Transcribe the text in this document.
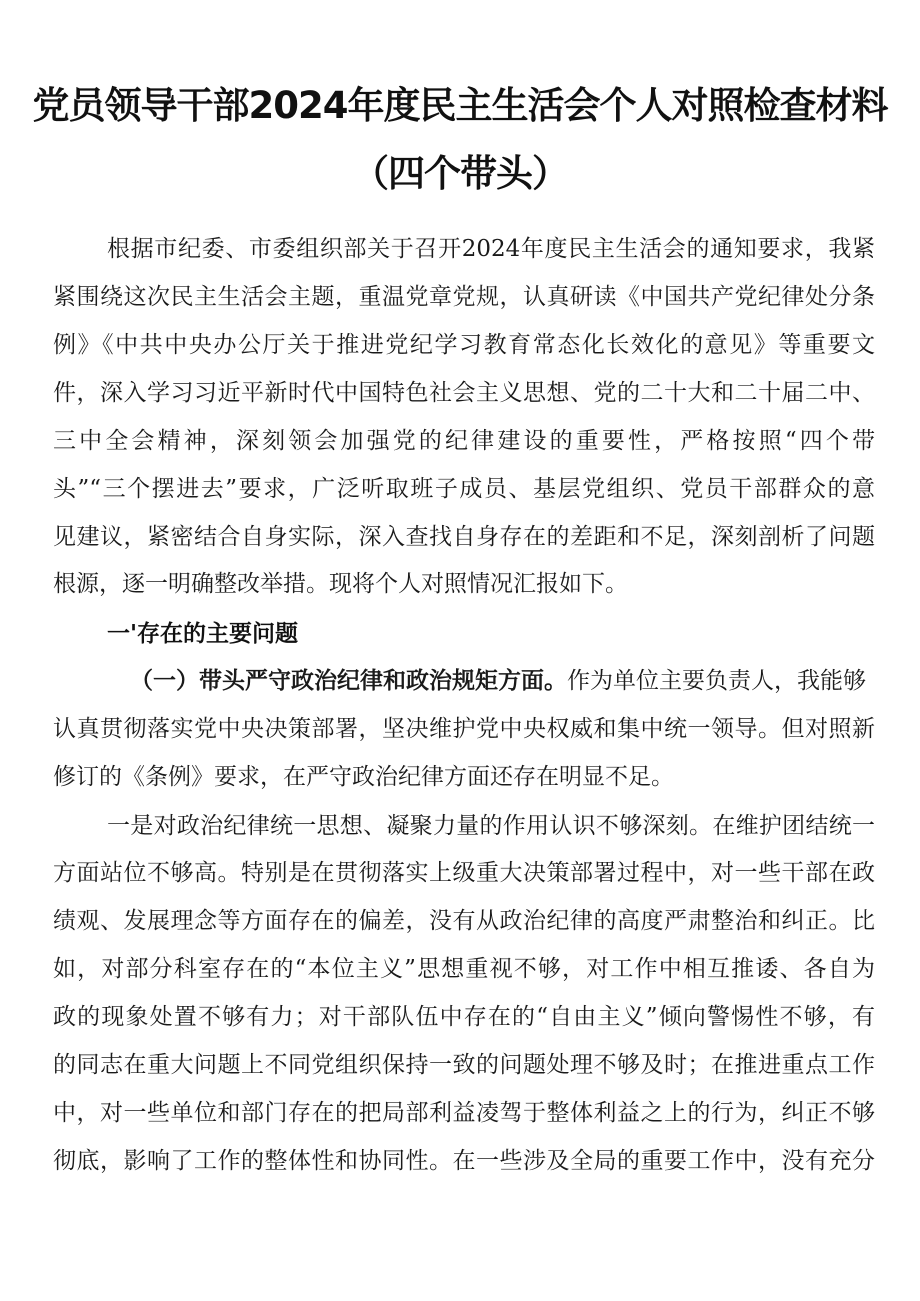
党员领导干部2024年度民主生活会个人对照检查材料
（四个带头）
根据市纪委、市委组织部关于召开2024年度民主生活会的通知要求，我紧
紧围绕这次民主生活会主题，重温党章党规，认真研读《中国共产党纪律处分条
例》《中共中央办公厅关于推进党纪学习教育常态化长效化的意见》等重要文
件，深入学习习近平新时代中国特色社会主义思想、党的二十大和二十届二中、
三中全会精神，深刻领会加强党的纪律建设的重要性，严格按照“四个带
头”“三个摆进去”要求，广泛听取班子成员、基层党组织、党员干部群众的意
见建议，紧密结合自身实际，深入查找自身存在的差距和不足，深刻剖析了问题
根源，逐一明确整改举措。现将个人对照情况汇报如下。
一'存在的主要问题
（一）带头严守政治纪律和政治规矩方面。作为单位主要负责人，我能够
认真贯彻落实党中央决策部署，坚决维护党中央权威和集中统一领导。但对照新
修订的《条例》要求，在严守政治纪律方面还存在明显不足。
一是对政治纪律统一思想、凝聚力量的作用认识不够深刻。在维护团结统一
方面站位不够高。特别是在贯彻落实上级重大决策部署过程中，对一些干部在政
绩观、发展理念等方面存在的偏差，没有从政治纪律的高度严肃整治和纠正。比
如，对部分科室存在的“本位主义”思想重视不够，对工作中相互推诿、各自为
政的现象处置不够有力；对干部队伍中存在的“自由主义”倾向警惕性不够，有
的同志在重大问题上不同党组织保持一致的问题处理不够及时；在推进重点工作
中，对一些单位和部门存在的把局部利益凌驾于整体利益之上的行为，纠正不够
彻底，影响了工作的整体性和协同性。在一些涉及全局的重要工作中，没有充分
